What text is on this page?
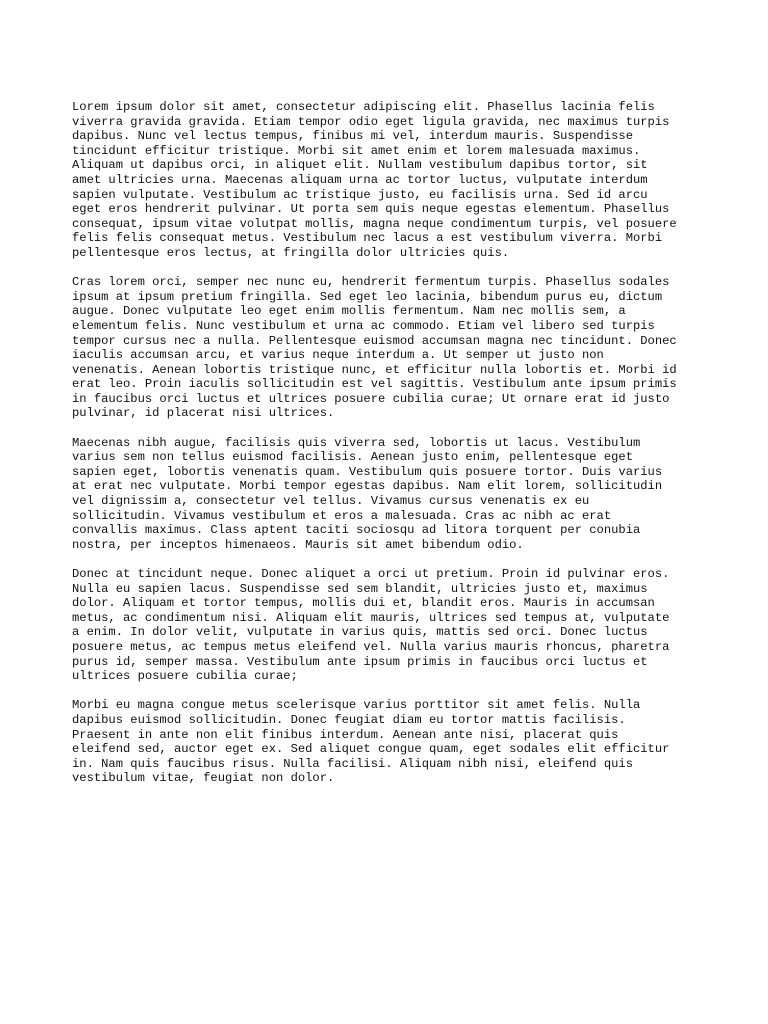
Lorem ipsum dolor sit amet, consectetur adipiscing elit. Phasellus lacinia felis
viverra gravida gravida. Etiam tempor odio eget ligula gravida, nec maximus turpis
dapibus. Nunc vel lectus tempus, finibus mi vel, interdum mauris. Suspendisse
tincidunt efficitur tristique. Morbi sit amet enim et lorem malesuada maximus.
Aliquam ut dapibus orci, in aliquet elit. Nullam vestibulum dapibus tortor, sit
amet ultricies urna. Maecenas aliquam urna ac tortor luctus, vulputate interdum
sapien vulputate. Vestibulum ac tristique justo, eu facilisis urna. Sed id arcu
eget eros hendrerit pulvinar. Ut porta sem quis neque egestas elementum. Phasellus
consequat, ipsum vitae volutpat mollis, magna neque condimentum turpis, vel posuere
felis felis consequat metus. Vestibulum nec lacus a est vestibulum viverra. Morbi
pellentesque eros lectus, at fringilla dolor ultricies quis.

Cras lorem orci, semper nec nunc eu, hendrerit fermentum turpis. Phasellus sodales
ipsum at ipsum pretium fringilla. Sed eget leo lacinia, bibendum purus eu, dictum
augue. Donec vulputate leo eget enim mollis fermentum. Nam nec mollis sem, a
elementum felis. Nunc vestibulum et urna ac commodo. Etiam vel libero sed turpis
tempor cursus nec a nulla. Pellentesque euismod accumsan magna nec tincidunt. Donec
iaculis accumsan arcu, et varius neque interdum a. Ut semper ut justo non
venenatis. Aenean lobortis tristique nunc, et efficitur nulla lobortis et. Morbi id
erat leo. Proin iaculis sollicitudin est vel sagittis. Vestibulum ante ipsum primis
in faucibus orci luctus et ultrices posuere cubilia curae; Ut ornare erat id justo
pulvinar, id placerat nisi ultrices.

Maecenas nibh augue, facilisis quis viverra sed, lobortis ut lacus. Vestibulum
varius sem non tellus euismod facilisis. Aenean justo enim, pellentesque eget
sapien eget, lobortis venenatis quam. Vestibulum quis posuere tortor. Duis varius
at erat nec vulputate. Morbi tempor egestas dapibus. Nam elit lorem, sollicitudin
vel dignissim a, consectetur vel tellus. Vivamus cursus venenatis ex eu
sollicitudin. Vivamus vestibulum et eros a malesuada. Cras ac nibh ac erat
convallis maximus. Class aptent taciti sociosqu ad litora torquent per conubia
nostra, per inceptos himenaeos. Mauris sit amet bibendum odio.

Donec at tincidunt neque. Donec aliquet a orci ut pretium. Proin id pulvinar eros.
Nulla eu sapien lacus. Suspendisse sed sem blandit, ultricies justo et, maximus
dolor. Aliquam et tortor tempus, mollis dui et, blandit eros. Mauris in accumsan
metus, ac condimentum nisi. Aliquam elit mauris, ultrices sed tempus at, vulputate
a enim. In dolor velit, vulputate in varius quis, mattis sed orci. Donec luctus
posuere metus, ac tempus metus eleifend vel. Nulla varius mauris rhoncus, pharetra
purus id, semper massa. Vestibulum ante ipsum primis in faucibus orci luctus et
ultrices posuere cubilia curae;

Morbi eu magna congue metus scelerisque varius porttitor sit amet felis. Nulla
dapibus euismod sollicitudin. Donec feugiat diam eu tortor mattis facilisis.
Praesent in ante non elit finibus interdum. Aenean ante nisi, placerat quis
eleifend sed, auctor eget ex. Sed aliquet congue quam, eget sodales elit efficitur
in. Nam quis faucibus risus. Nulla facilisi. Aliquam nibh nisi, eleifend quis
vestibulum vitae, feugiat non dolor.
